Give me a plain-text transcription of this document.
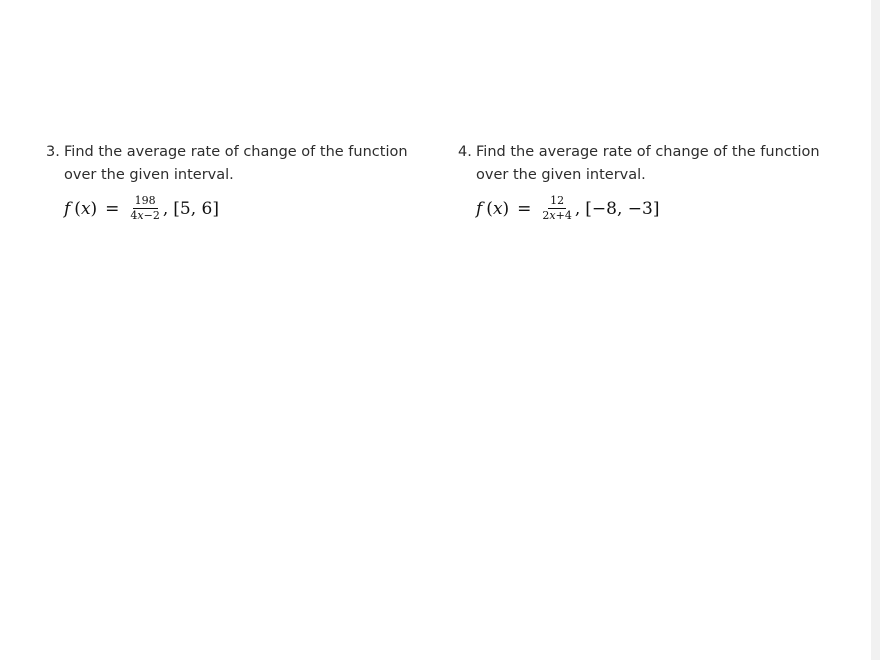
3. Find the average rate of change of the function
over the given interval.
f ( x ) = $\frac{198}{4x-2}$ , [5, 6]
4. Find the average rate of change of the function
over the given interval.
f ( x ) = $\frac{12}{2x+4}$ , [−8, −3]
